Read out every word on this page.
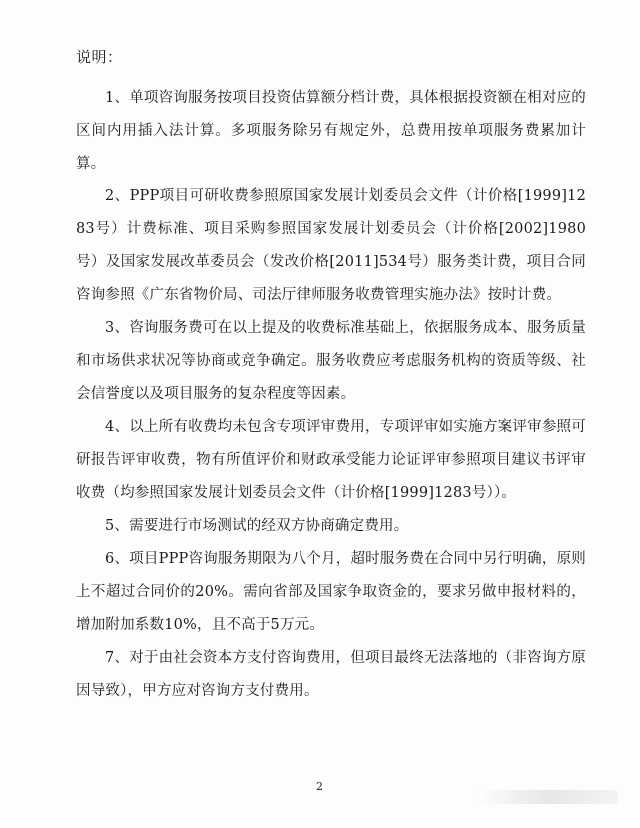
说明：
1、单项咨询服务按项目投资估算额分档计费，具体根据投资额在相对应的区间内用插入法计算。多项服务除另有规定外，总费用按单项服务费累加计算。
2、PPP项目可研收费参照原国家发展计划委员会文件（计价格[1999]1283号）计费标准、项目采购参照国家发展计划委员会（计价格[2002]1980号）及国家发展改革委员会（发改价格[2011]534号）服务类计费，项目合同咨询参照《广东省物价局、司法厅律师服务收费管理实施办法》按时计费。
3、咨询服务费可在以上提及的收费标准基础上，依据服务成本、服务质量和市场供求状况等协商或竞争确定。服务收费应考虑服务机构的资质等级、社会信誉度以及项目服务的复杂程度等因素。
4、以上所有收费均未包含专项评审费用，专项评审如实施方案评审参照可研报告评审收费，物有所值评价和财政承受能力论证评审参照项目建议书评审收费（均参照国家发展计划委员会文件（计价格[1999]1283号））。
5、需要进行市场测试的经双方协商确定费用。
6、项目PPP咨询服务期限为八个月，超时服务费在合同中另行明确，原则上不超过合同价的20%。需向省部及国家争取资金的，要求另做申报材料的，增加附加系数10%，且不高于5万元。
7、对于由社会资本方支付咨询费用，但项目最终无法落地的（非咨询方原因导致），甲方应对咨询方支付费用。
2
